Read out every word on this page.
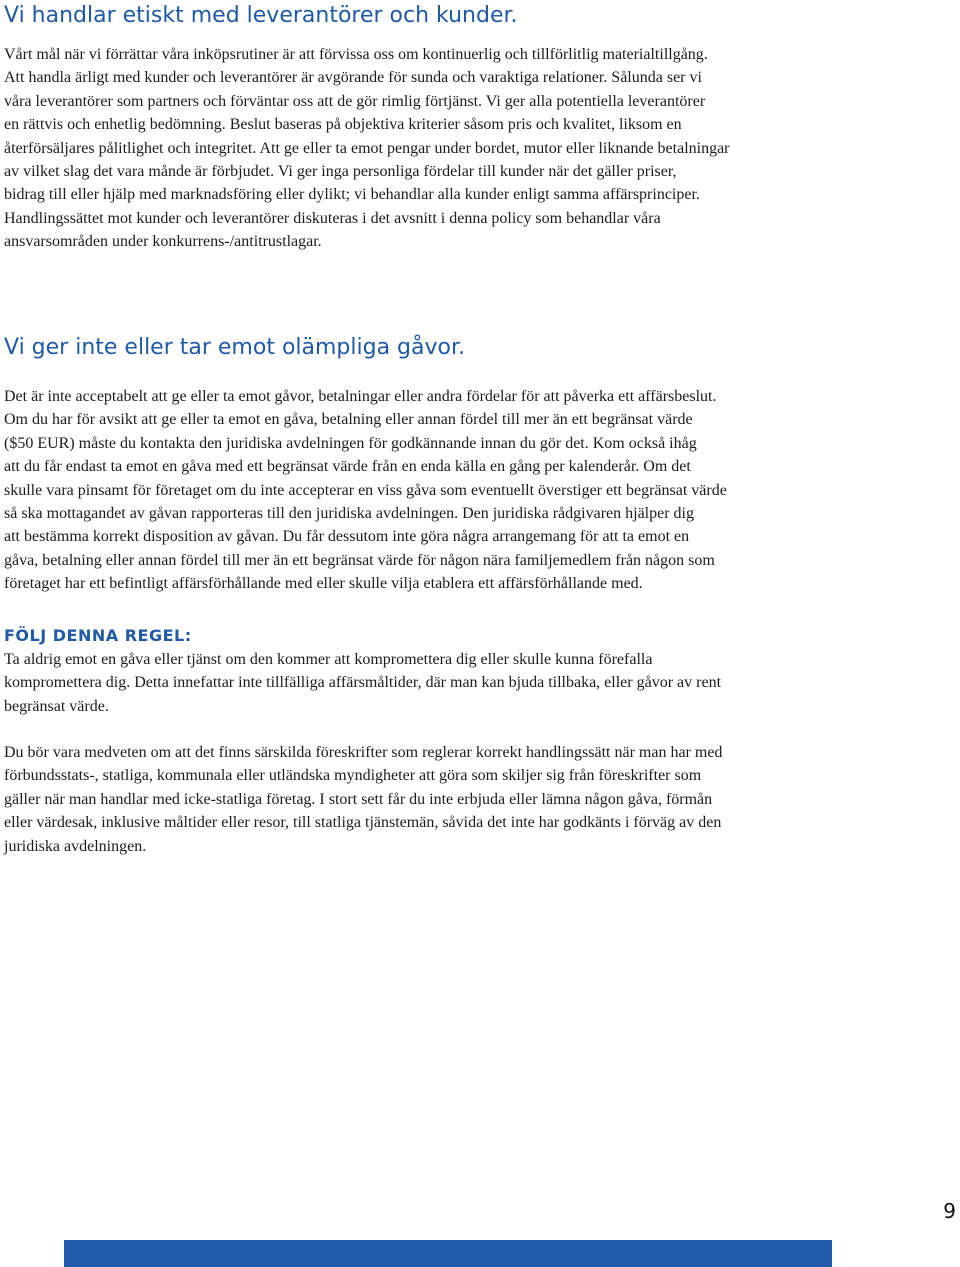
Vi handlar etiskt med leverantörer och kunder.

Vårt mål när vi förrättar våra inköpsrutiner är att förvissa oss om kontinuerlig och tillförlitlig materialtillgång.
Att handla ärligt med kunder och leverantörer är avgörande för sunda och varaktiga relationer. Sålunda ser vi
våra leverantörer som partners och förväntar oss att de gör rimlig förtjänst. Vi ger alla potentiella leverantörer
en rättvis och enhetlig bedömning. Beslut baseras på objektiva kriterier såsom pris och kvalitet, liksom en
återförsäljares pålitlighet och integritet. Att ge eller ta emot pengar under bordet, mutor eller liknande betalningar
av vilket slag det vara månde är förbjudet. Vi ger inga personliga fördelar till kunder när det gäller priser,
bidrag till eller hjälp med marknadsföring eller dylikt; vi behandlar alla kunder enligt samma affärsprinciper.
Handlingssättet mot kunder och leverantörer diskuteras i det avsnitt i denna policy som behandlar våra
ansvarsområden under konkurrens-/antitrustlagar.

Vi ger inte eller tar emot olämpliga gåvor.

Det är inte acceptabelt att ge eller ta emot gåvor, betalningar eller andra fördelar för att påverka ett affärsbeslut.
Om du har för avsikt att ge eller ta emot en gåva, betalning eller annan fördel till mer än ett begränsat värde
($50 EUR) måste du kontakta den juridiska avdelningen för godkännande innan du gör det. Kom också ihåg
att du får endast ta emot en gåva med ett begränsat värde från en enda källa en gång per kalenderår. Om det
skulle vara pinsamt för företaget om du inte accepterar en viss gåva som eventuellt överstiger ett begränsat värde
så ska mottagandet av gåvan rapporteras till den juridiska avdelningen. Den juridiska rådgivaren hjälper dig
att bestämma korrekt disposition av gåvan. Du får dessutom inte göra några arrangemang för att ta emot en
gåva, betalning eller annan fördel till mer än ett begränsat värde för någon nära familjemedlem från någon som
företaget har ett befintligt affärsförhållande med eller skulle vilja etablera ett affärsförhållande med.

FÖLJ DENNA REGEL:

Ta aldrig emot en gåva eller tjänst om den kommer att kompromettera dig eller skulle kunna förefalla
kompromettera dig. Detta innefattar inte tillfälliga affärsmåltider, där man kan bjuda tillbaka, eller gåvor av rent
begränsat värde.

Du bör vara medveten om att det finns särskilda föreskrifter som reglerar korrekt handlingssätt när man har med
förbundsstats-, statliga, kommunala eller utländska myndigheter att göra som skiljer sig från föreskrifter som
gäller när man handlar med icke-statliga företag. I stort sett får du inte erbjuda eller lämna någon gåva, förmån
eller värdesak, inklusive måltider eller resor, till statliga tjänstemän, såvida det inte har godkänts i förväg av den
juridiska avdelningen.

9
